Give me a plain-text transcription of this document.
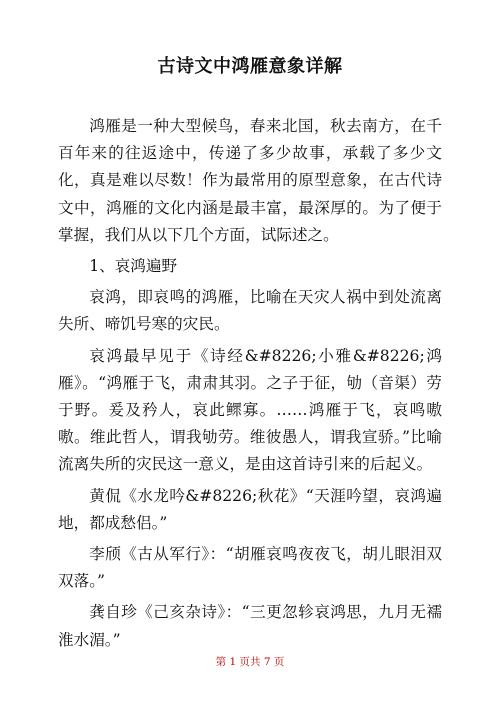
古诗文中鸿雁意象详解

鸿雁是一种大型候鸟，春来北国，秋去南方，在千百年来的往返途中，传递了多少故事，承载了多少文化，真是难以尽数！作为最常用的原型意象，在古代诗文中，鸿雁的文化内涵是最丰富，最深厚的。为了便于掌握，我们从以下几个方面，试际述之。

1、哀鸿遍野

哀鸿，即哀鸣的鸿雁，比喻在天灾人祸中到处流离失所、啼饥号寒的灾民。

哀鸿最早见于《诗经&#8226;小雅&#8226;鸿雁》。“鸿雁于飞，肃肃其羽。之子于征，劬（音渠）劳于野。爰及矜人，哀此鳏寡。……鸿雁于飞，哀鸣嗷嗷。维此哲人，谓我劬劳。维彼愚人，谓我宣骄。”比喻流离失所的灾民这一意义，是由这首诗引来的后起义。

黄侃《水龙吟&#8226;秋花》“天涯吟望，哀鸿遍地，都成愁侣。”

李颀《古从军行》：“胡雁哀鸣夜夜飞，胡儿眼泪双双落。”

龚自珍《己亥杂诗》：“三更忽轸哀鸿思，九月无襦淮水湄。”

第 1 页共 7 页
